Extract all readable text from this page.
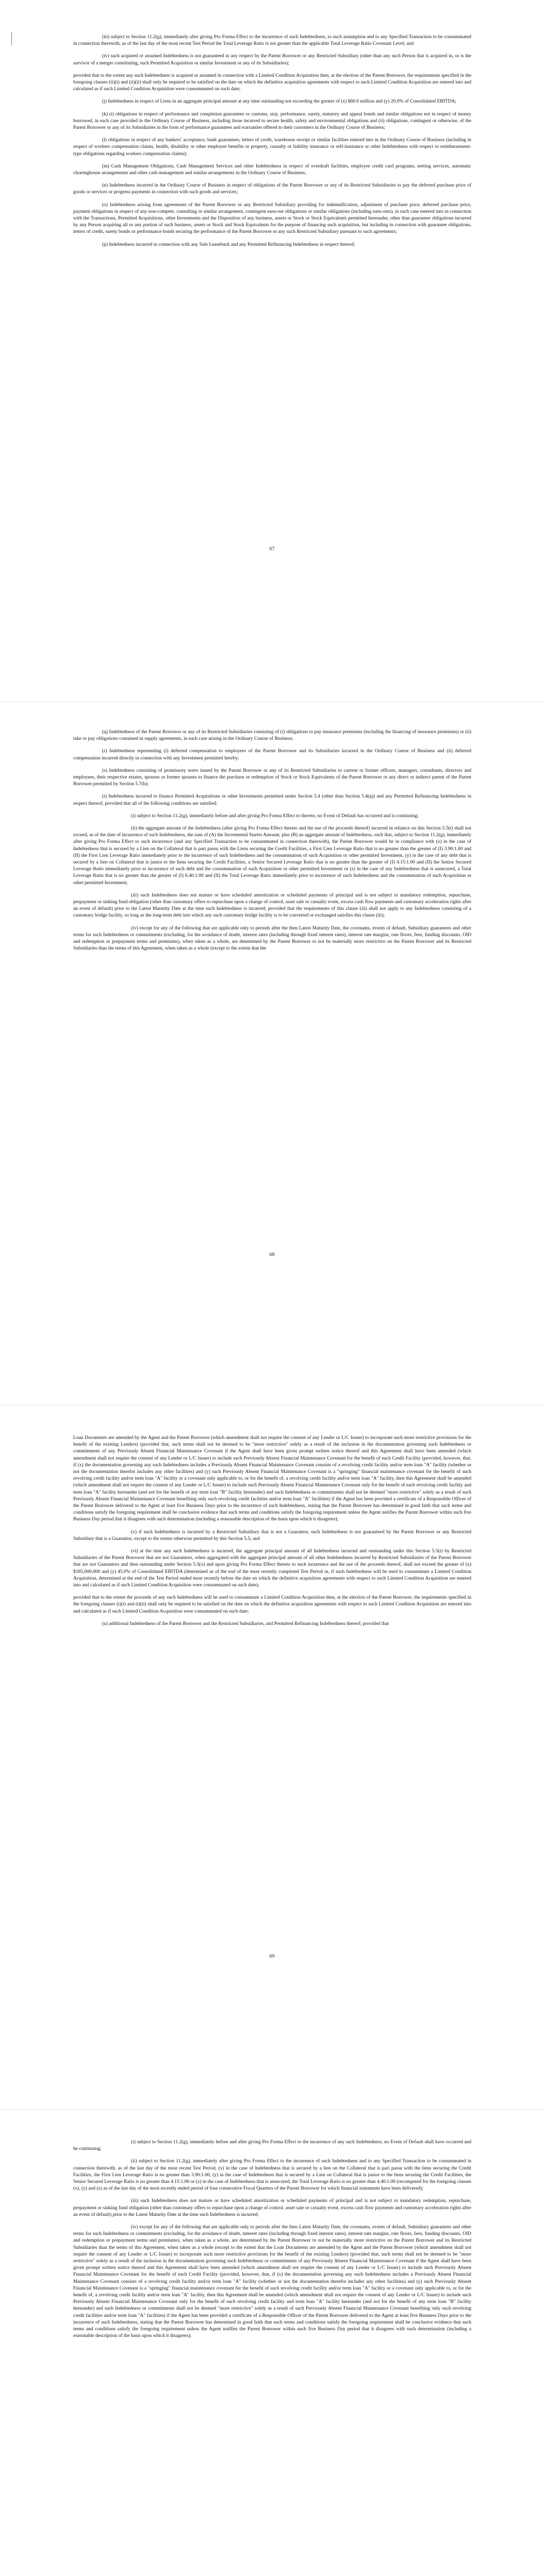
(iii) subject to Section 11.2(g), immediately after giving Pro Forma Effect to the incurrence of such Indebtedness, to such assumption and to any Specified Transaction to be consummated in connection therewith, as of the last day of the most recent Test Period the Total Leverage Ratio is not greater than the applicable Total Leverage Ratio Covenant Level; and

(iv) such acquired or assumed Indebtedness is not guaranteed in any respect by the Parent Borrower or any Restricted Subsidiary (other than any such Person that is acquired in, or is the survivor of a merger constituting, such Permitted Acquisition or similar Investment or any of its Subsidiaries);

provided that to the extent any such Indebtedness is acquired or assumed in connection with a Limited Condition Acquisition then, at the election of the Parent Borrower, the requirements specified in the foregoing clauses (ii)(i) and (ii)(ii) shall only be required to be satisfied on the date on which the definitive acquisition agreements with respect to such Limited Condition Acquisition are entered into and calculated as if such Limited Condition Acquisition were consummated on such date;

(j) Indebtedness in respect of Liens in an aggregate principal amount at any time outstanding not exceeding the greater of (x) $60.0 million and (y) 20.0% of Consolidated EBITDA;

(k) (i) obligations in respect of performance and completion guarantees or customs, stay, performance, surety, statutory and appeal bonds and similar obligations not in respect of money borrowed, in each case provided in the Ordinary Course of Business, including those incurred to secure health, safety and environmental obligations and (ii) obligations, contingent or otherwise, of the Parent Borrower or any of its Subsidiaries in the form of performance guarantees and warranties offered to their customers in the Ordinary Course of Business;

(l) obligations in respect of any bankers' acceptance, bank guarantees, letters of credit, warehouse receipt or similar facilities entered into in the Ordinary Course of Business (including in respect of workers compensation claims, health, disability or other employee benefits or property, casualty or liability insurance or self-insurance or other Indebtedness with respect to reimbursement-type obligations regarding workers compensation claims);

(m) Cash Management Obligations, Cash Management Services and other Indebtedness in respect of overdraft facilities, employee credit card programs, netting services, automatic clearinghouse arrangements and other cash management and similar arrangements in the Ordinary Course of Business;

(n) Indebtedness incurred in the Ordinary Course of Business in respect of obligations of the Parent Borrower or any of its Restricted Subsidiaries to pay the deferred purchase price of goods or services or progress payments in connection with such goods and services;

(o) Indebtedness arising from agreements of the Parent Borrower or any Restricted Subsidiary providing for indemnification, adjustment of purchase price, deferred purchase price, payment obligations in respect of any non-compete, consulting or similar arrangement, contingent earn-out obligations or similar obligations (including earn-outs), in each case entered into in connection with the Transactions, Permitted Acquisitions, other Investments and the Disposition of any business, assets or Stock or Stock Equivalents permitted hereunder, other than guarantee obligations incurred by any Person acquiring all or any portion of such business, assets or Stock and Stock Equivalents for the purpose of financing such acquisition, but including in connection with guarantee obligations, letters of credit, surety bonds or performance bonds securing the performance of the Parent Borrower or any such Restricted Subsidiary pursuant to such agreements;

(p) Indebtedness incurred in connection with any Sale Leaseback and any Permitted Refinancing Indebtedness in respect thereof;

67

(q) Indebtedness of the Parent Borrower or any of its Restricted Subsidiaries consisting of (i) obligations to pay insurance premiums (including the financing of insurance premiums) or (ii) take or pay obligations contained in supply agreements, in each case arising in the Ordinary Course of Business;

(r) Indebtedness representing (i) deferred compensation to employees of the Parent Borrower and its Subsidiaries incurred in the Ordinary Course of Business and (ii) deferred compensation incurred directly in connection with any Investment permitted hereby;

(s) Indebtedness consisting of promissory notes issued by the Parent Borrower or any of its Restricted Subsidiaries to current or former officers, managers, consultants, directors and employees, their respective estates, spouses or former spouses to finance the purchase or redemption of Stock or Stock Equivalents of the Parent Borrower or any direct or indirect parent of the Parent Borrower permitted by Section 5.7(b);

(t) Indebtedness incurred to finance Permitted Acquisitions or other Investments permitted under Section 5.4 (other than Section 5.4(q)) and any Permitted Refinancing Indebtedness in respect thereof; provided that all of the following conditions are satisfied:

(i) subject to Section 11.2(g), immediately before and after giving Pro Forma Effect to thereto, no Event of Default has occurred and is continuing;

(ii) the aggregate amount of the Indebtedness (after giving Pro Forma Effect thereto and the use of the proceeds thereof) incurred in reliance on this Section 5.5(t) shall not exceed, as of the date of incurrence of such Indebtedness, the sum of (A) the Incremental Starter Amount, plus (B) an aggregate amount of Indebtedness, such that, subject to Section 11.2(g), immediately after giving Pro Forma Effect to such incurrence (and any Specified Transaction to be consummated in connection therewith), the Parent Borrower would be in compliance with (x) in the case of Indebtedness that is secured by a Lien on the Collateral that is pari passu with the Liens securing the Credit Facilities, a First Lien Leverage Ratio that is no greater than the greater of (I) 3.90:1.00 and (II) the First Lien Leverage Ratio immediately prior to the incurrence of such Indebtedness and the consummation of such Acquisition or other permitted Investment, (y) in the case of any debt that is secured by a lien on Collateral that is junior to the liens securing the Credit Facilities, a Senior Secured Leverage Ratio that is no greater than the greater of (I) 4.15:1.00 and (II) the Senior Secured Leverage Ratio immediately prior to incurrence of such debt and the consummation of such Acquisition or other permitted Investment or (z) in the case of any Indebtedness that is unsecured, a Total Leverage Ratio that is no greater than the greater of (I) 6.40:1.00 and (II) the Total Leverage Ratio immediately prior to incurrence of such Indebtedness and the consummation of such Acquisition or other permitted Investment;

(iii) such Indebtedness does not mature or have scheduled amortization or scheduled payments of principal and is not subject to mandatory redemption, repurchase, prepayment or sinking fund obligation (other than customary offers to repurchase upon a change of control, asset sale or casualty event, excess cash flow payments and customary acceleration rights after an event of default) prior to the Latest Maturity Date at the time such Indebtedness is incurred; provided that the requirements of this clause (iii) shall not apply to any Indebtedness consisting of a customary bridge facility, so long as the long-term debt into which any such customary bridge facility is to be converted or exchanged satisfies this clause (iii);

(iv) except for any of the following that are applicable only to periods after the then Latest Maturity Date, the covenants, events of default, Subsidiary guarantees and other terms for such Indebtedness or commitments (excluding, for the avoidance of doubt, interest rates (including through fixed interest rates), interest rate margins, rate floors, fees, funding discounts, OID and redemption or prepayment terms and premiums), when taken as a whole, are determined by the Parent Borrower to not be materially more restrictive on the Parent Borrower and its Restricted Subsidiaries than the terms of this Agreement, when taken as a whole (except to the extent that the

68

Loan Documents are amended by the Agent and the Parent Borrower (which amendment shall not require the consent of any Lender or L/C Issuer) to incorporate such more restrictive provisions for the benefit of the existing Lenders) (provided that, such terms shall not be deemed to be "more restrictive" solely as a result of the inclusion in the documentation governing such Indebtedness or commitments of any Previously Absent Financial Maintenance Covenant if the Agent shall have been given prompt written notice thereof and this Agreement shall have been amended (which amendment shall not require the consent of any Lender or L/C Issuer) to include such Previously Absent Financial Maintenance Covenant for the benefit of each Credit Facility (provided, however, that, if (x) the documentation governing any such Indebtedness includes a Previously Absent Financial Maintenance Covenant consists of a revolving credit facility and/or term loan "A" facility (whether or not the documentation therefor includes any other facilities) and (y) such Previously Absent Financial Maintenance Covenant is a "springing" financial maintenance covenant for the benefit of such revolving credit facility and/or term loan "A" facility or a covenant only applicable to, or for the benefit of, a revolving credit facility and/or term loan "A" facility, then this Agreement shall be amended (which amendment shall not require the consent of any Lender or L/C Issuer) to include such Previously Absent Financial Maintenance Covenant only for the benefit of each revolving credit facility and term loan "A" facility hereunder (and not for the benefit of any term loan "B" facility hereunder) and such Indebtedness or commitments shall not be deemed "more restrictive" solely as a result of such Previously Absent Financial Maintenance Covenant benefiting only such revolving credit facilities and/or term loan "A" facilities) if the Agent has been provided a certificate of a Responsible Officer of the Parent Borrower delivered to the Agent at least five Business Days prior to the incurrence of such Indebtedness, stating that the Parent Borrower has determined in good faith that such terms and conditions satisfy the foregoing requirement shall be conclusive evidence that such terms and conditions satisfy the foregoing requirement unless the Agent notifies the Parent Borrower within such five Business Day period that it disagrees with such determination (including a reasonable description of the basis upon which it disagrees);

(v) if such Indebtedness is incurred by a Restricted Subsidiary that is not a Guarantor, such Indebtedness is not guaranteed by the Parent Borrower or any Restricted Subsidiary that is a Guarantor, except to the extent otherwise permitted by this Section 5.5; and

(vi) at the time any such Indebtedness is incurred, the aggregate principal amount of all Indebtedness incurred and outstanding under this Section 5.5(t) by Restricted Subsidiaries of the Parent Borrower that are not Guarantors, when aggregated with the aggregate principal amount of all other Indebtedness incurred by Restricted Subsidiaries of the Parent Borrower that are not Guarantors and then outstanding under Section 5.5(o) and upon giving Pro Forma Effect thereto to such incurrence and the use of the proceeds thereof, shall not exceed the greater of (x) $185,000,000 and (y) 45.0% of Consolidated EBITDA (determined as of the end of the most recently completed Test Period or, if such Indebtedness will be used to consummate a Limited Condition Acquisition, determined at the end of the Test Period ended most recently before the date on which the definitive acquisition agreements with respect to such Limited Condition Acquisition are entered into and calculated as if such Limited Condition Acquisition were consummated on such date);

provided that to the extent the proceeds of any such Indebtedness will be used to consummate a Limited Condition Acquisition then, at the election of the Parent Borrower, the requirements specified in the foregoing clauses (t)(i) and (t)(ii) shall only be required to be satisfied on the date on which the definitive acquisition agreements with respect to such Limited Condition Acquisition are entered into and calculated as if such Limited Condition Acquisition were consummated on such date;

(u) additional Indebtedness of the Parent Borrower and the Restricted Subsidiaries, and Permitted Refinancing Indebtedness thereof; provided that

69

(i) subject to Section 11.2(g), immediately before and after giving Pro Forma Effect to the incurrence of any such Indebtedness, no Event of Default shall have occurred and be continuing;

(ii) subject to Section 11.2(g), immediately after giving Pro Forma Effect to the incurrence of such Indebtedness and to any Specified Transaction to be consummated in connection therewith, as of the last day of the most recent Test Period, (x) in the case of Indebtedness that is secured by a lien on the Collateral that is pari passu with the liens securing the Credit Facilities, the First Lien Leverage Ratio is no greater than 3.90:1.00, (y) in the case of Indebtedness that is secured by a Lien on Collateral that is junior to the liens securing the Credit Facilities, the Senior Secured Leverage Ratio is no greater than 4.15:1.00 or (z) in the case of Indebtedness that is unsecured, the Total Leverage Ratio is no greater than 4.40:1.00 (recomputed for the foregoing clauses (x), (y) and (z) as of the last day of the most recently ended period of four consecutive Fiscal Quarters of the Parent Borrower for which financial statements have been delivered);

(iii) such Indebtedness does not mature or have scheduled amortization or scheduled payments of principal and is not subject to mandatory redemption, repurchase, prepayment or sinking fund obligation (other than customary offers to repurchase upon a change of control, asset sale or casualty event, excess cash flow payments and customary acceleration rights after an event of default) prior to the Latest Maturity Date at the time such Indebtedness is incurred;

(iv) except for any of the following that are applicable only to periods after the then Latest Maturity Date, the covenants, events of default, Subsidiary guarantees and other terms for such Indebtedness or commitments (excluding, for the avoidance of doubt, interest rates (including through fixed interest rates), interest rate margins, rate floors, fees, funding discounts, OID and redemption or prepayment terms and premiums), when taken as a whole, are determined by the Parent Borrower to not be materially more restrictive on the Parent Borrower and its Restricted Subsidiaries than the terms of this Agreement, when taken as a whole (except to the extent that the Loan Documents are amended by the Agent and the Parent Borrower (which amendment shall not require the consent of any Lender or L/C Issuer) to incorporate such more restrictive provisions for the benefit of the existing Lenders) (provided that, such terms shall not be deemed to be "more restrictive" solely as a result of the inclusion in the documentation governing such Indebtedness or commitments of any Previously Absent Financial Maintenance Covenant if the Agent shall have been given prompt written notice thereof and this Agreement shall have been amended (which amendment shall not require the consent of any Lender or L/C Issuer) to include such Previously Absent Financial Maintenance Covenant for the benefit of each Credit Facility (provided, however, that, if (x) the documentation governing any such Indebtedness includes a Previously Absent Financial Maintenance Covenant consists of a revolving credit facility and/or term loan "A" facility (whether or not the documentation therefor includes any other facilities) and (y) such Previously Absent Financial Maintenance Covenant is a "springing" financial maintenance covenant for the benefit of such revolving credit facility and/or term loan "A" facility or a covenant only applicable to, or for the benefit of, a revolving credit facility and/or term loan "A" facility, then this Agreement shall be amended (which amendment shall not require the consent of any Lender or L/C Issuer) to include such Previously Absent Financial Maintenance Covenant only for the benefit of each revolving credit facility and term loan "A" facility hereunder (and not for the benefit of any term loan "B" facility hereunder) and such Indebtedness or commitments shall not be deemed "more restrictive" solely as a result of such Previously Absent Financial Maintenance Covenant benefiting only such revolving credit facilities and/or term loan "A" facilities) if the Agent has been provided a certificate of a Responsible Officer of the Parent Borrower delivered to the Agent at least five Business Days prior to the incurrence of such Indebtedness, stating that the Parent Borrower has determined in good faith that such terms and conditions satisfy the foregoing requirement shall be conclusive evidence that such terms and conditions satisfy the foregoing requirement unless the Agent notifies the Parent Borrower within such five Business Day period that it disagrees with such determination (including a reasonable description of the basis upon which it disagrees);
